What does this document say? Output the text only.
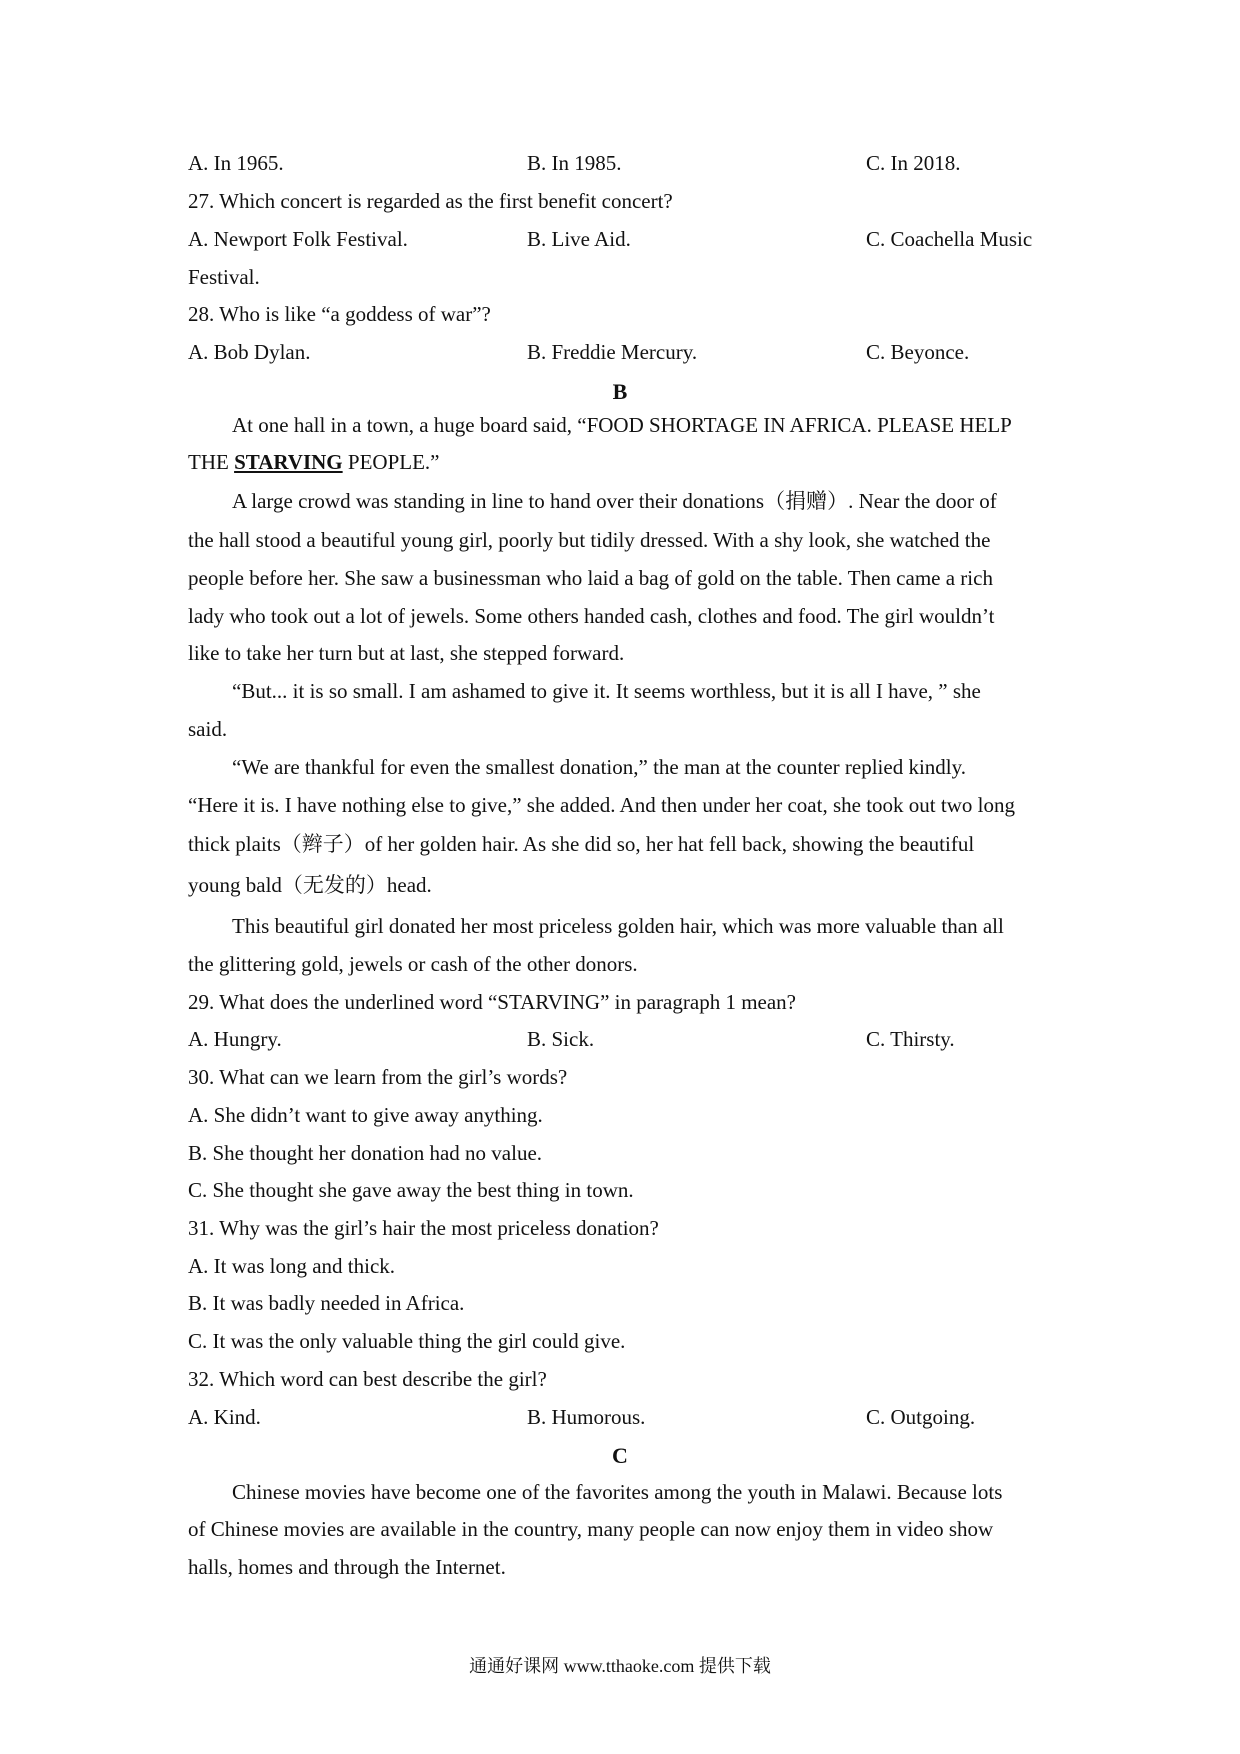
A. In 1965.	B. In 1985.	C. In 2018.
27. Which concert is regarded as the first benefit concert?
A. Newport Folk Festival.	B. Live Aid.	C. Coachella Music
Festival.
28. Who is like “a goddess of war”?
A. Bob Dylan.	B. Freddie Mercury.	C. Beyonce.
B
At one hall in a town, a huge board said, “FOOD SHORTAGE IN AFRICA. PLEASE HELP
THE STARVING PEOPLE.”
A large crowd was standing in line to hand over their donations（捐赠）. Near the door of
the hall stood a beautiful young girl, poorly but tidily dressed. With a shy look, she watched the
people before her. She saw a businessman who laid a bag of gold on the table. Then came a rich
lady who took out a lot of jewels. Some others handed cash, clothes and food. The girl wouldn’t
like to take her turn but at last, she stepped forward.
“But... it is so small. I am ashamed to give it. It seems worthless, but it is all I have, ” she
said.
“We are thankful for even the smallest donation,” the man at the counter replied kindly.
“Here it is. I have nothing else to give,” she added. And then under her coat, she took out two long
thick plaits（辫子）of her golden hair. As she did so, her hat fell back, showing the beautiful
young bald（无发的）head.
This beautiful girl donated her most priceless golden hair, which was more valuable than all
the glittering gold, jewels or cash of the other donors.
29. What does the underlined word “STARVING” in paragraph 1 mean?
A. Hungry.	B. Sick.	C. Thirsty.
30. What can we learn from the girl’s words?
A. She didn’t want to give away anything.
B. She thought her donation had no value.
C. She thought she gave away the best thing in town.
31. Why was the girl’s hair the most priceless donation?
A. It was long and thick.
B. It was badly needed in Africa.
C. It was the only valuable thing the girl could give.
32. Which word can best describe the girl?
A. Kind.	B. Humorous.	C. Outgoing.
C
Chinese movies have become one of the favorites among the youth in Malawi. Because lots
of Chinese movies are available in the country, many people can now enjoy them in video show
halls, homes and through the Internet.
通通好课网 www.tthaoke.com 提供下载
